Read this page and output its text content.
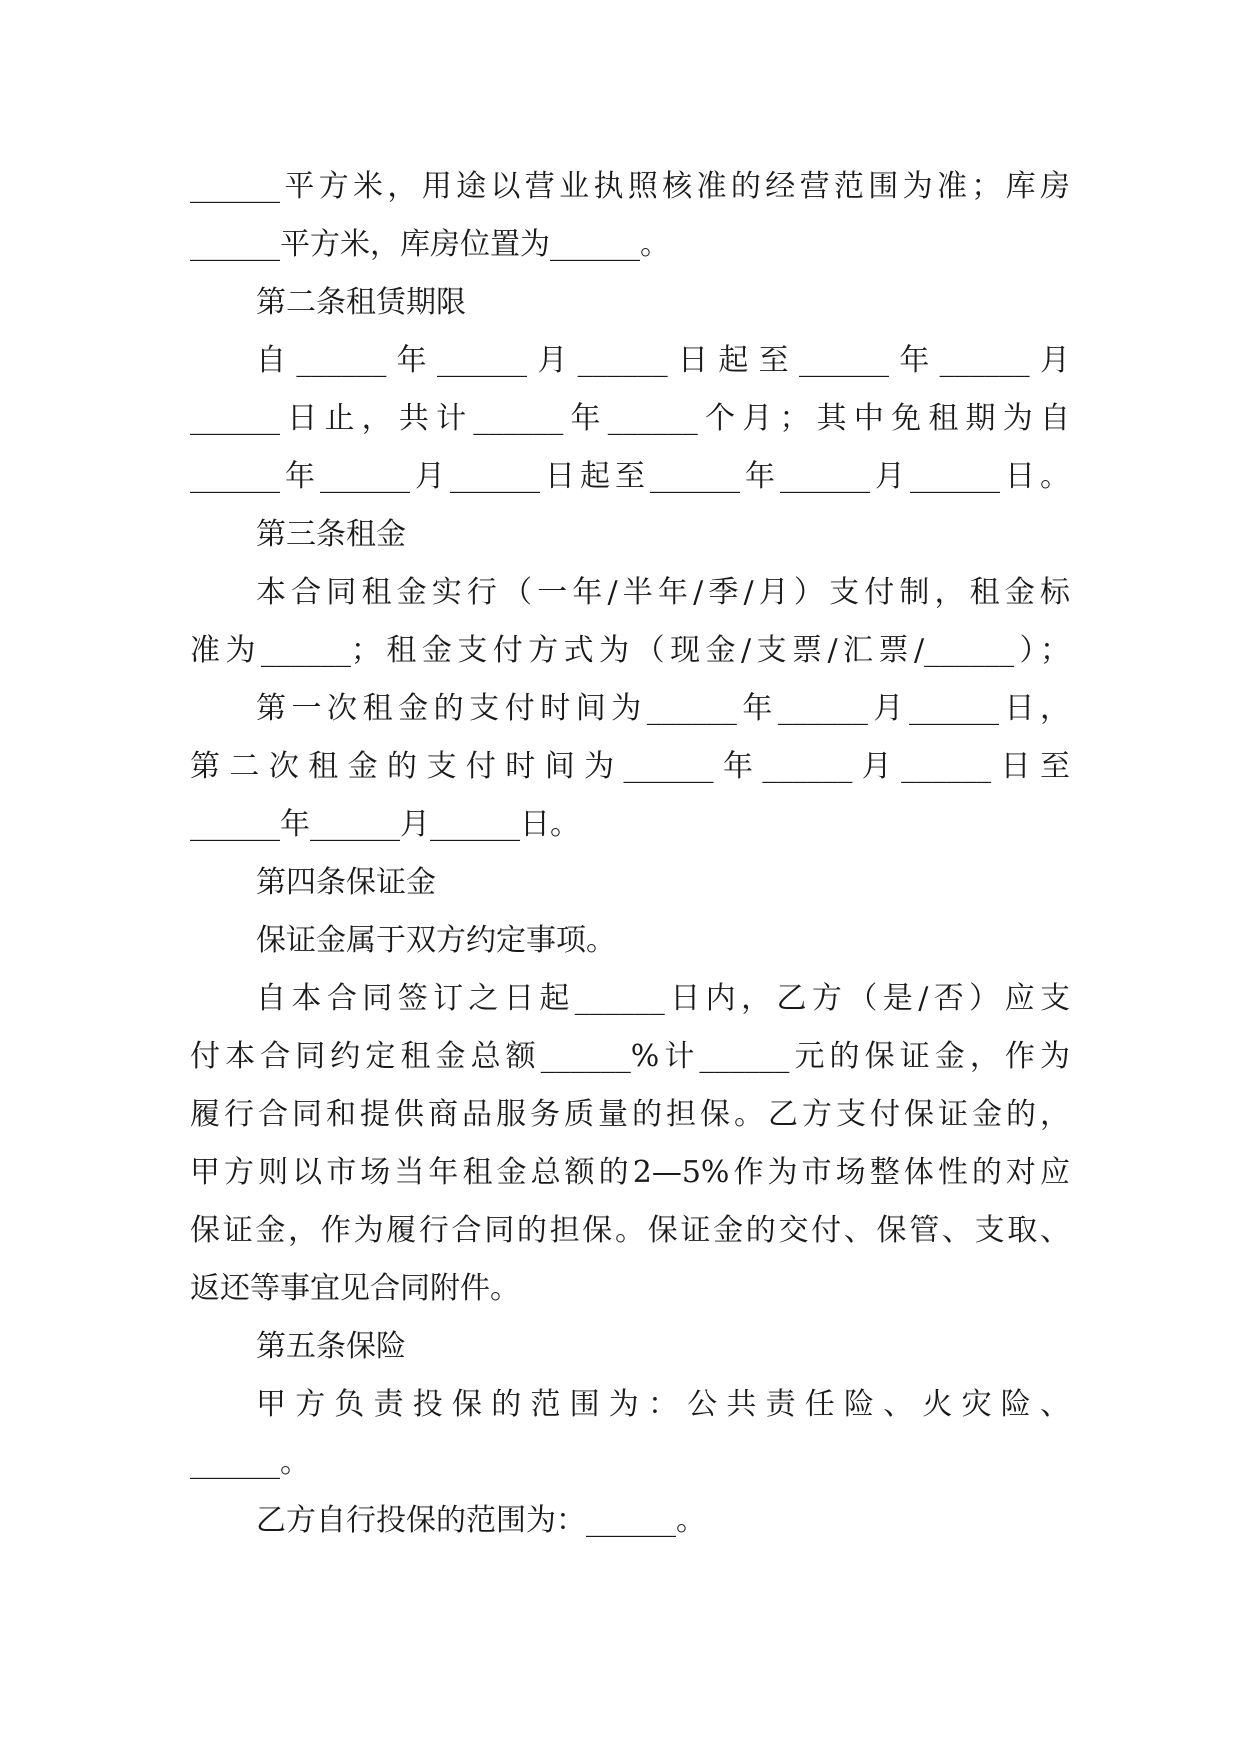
______平方米，用途以营业执照核准的经营范围为准；库房

______平方米，库房位置为______。

第二条租赁期限

自______年______月______日起至______年______月

______日止，共计______年______个月；其中免租期为自

______年______月______日起至______年______月______日。

第三条租金

本合同租金实行（一年/半年/季/月）支付制，租金标

准为______；租金支付方式为（现金/支票/汇票/______）；

第一次租金的支付时间为______年______月______日，

第二次租金的支付时间为______年______月______日至

______年______月______日。

第四条保证金

保证金属于双方约定事项。

自本合同签订之日起______日内，乙方（是/否）应支

付本合同约定租金总额______%计______元的保证金，作为

履行合同和提供商品服务质量的担保。乙方支付保证金的，

甲方则以市场当年租金总额的2—5%作为市场整体性的对应

保证金，作为履行合同的担保。保证金的交付、保管、支取、

返还等事宜见合同附件。

第五条保险

甲方负责投保的范围为：公共责任险、火灾险、

______。

乙方自行投保的范围为：______。
